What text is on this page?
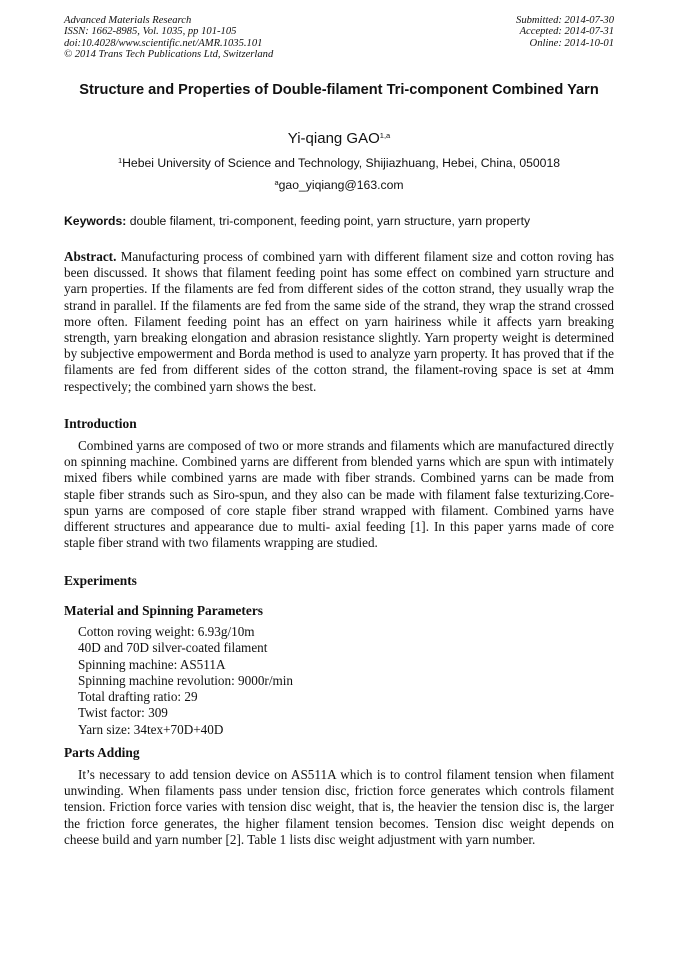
Advanced Materials Research
ISSN: 1662-8985, Vol. 1035, pp 101-105
doi:10.4028/www.scientific.net/AMR.1035.101
© 2014 Trans Tech Publications Ltd, Switzerland
Submitted: 2014-07-30
Accepted: 2014-07-31
Online: 2014-10-01
Structure and Properties of Double-filament Tri-component Combined Yarn
Yi-qiang GAO$^{1,a}$
$^1$Hebei University of Science and Technology, Shijiazhuang, Hebei, China, 050018
$^a$gao_yiqiang@163.com
Keywords: double filament, tri-component, feeding point, yarn structure, yarn property

Abstract. Manufacturing process of combined yarn with different filament size and cotton roving has been discussed. It shows that filament feeding point has some effect on combined yarn structure and yarn properties. If the filaments are fed from different sides of the cotton strand, they usually wrap the strand in parallel. If the filaments are fed from the same side of the strand, they wrap the strand crossed more often. Filament feeding point has an effect on yarn hairiness while it affects yarn breaking strength, yarn breaking elongation and abrasion resistance slightly. Yarn property weight is determined by subjective empowerment and Borda method is used to analyze yarn property. It has proved that if the filaments are fed from different sides of the cotton strand, the filament-roving space is set at 4mm respectively; the combined yarn shows the best.

Introduction

Combined yarns are composed of two or more strands and filaments which are manufactured directly on spinning machine. Combined yarns are different from blended yarns which are spun with intimately mixed fibers while combined yarns are made with fiber strands. Combined yarns can be made from staple fiber strands such as Siro-spun, and they also can be made with filament false texturizing.Core-spun yarns are composed of core staple fiber strand wrapped with filament. Combined yarns have different structures and appearance due to multi- axial feeding [1]. In this paper yarns made of core staple fiber strand with two filaments wrapping are studied.

Experiments
Material and Spinning Parameters
Cotton roving weight: 6.93g/10m
40D and 70D silver-coated filament
Spinning machine: AS511A
Spinning machine revolution: 9000r/min
Total drafting ratio: 29
Twist factor: 309
Yarn size: 34tex+70D+40D
Parts Adding

It’s necessary to add tension device on AS511A which is to control filament tension when filament unwinding. When filaments pass under tension disc, friction force generates which controls filament tension. Friction force varies with tension disc weight, that is, the heavier the tension disc is, the larger the friction force generates, the higher filament tension becomes. Tension disc weight depends on cheese build and yarn number [2]. Table 1 lists disc weight adjustment with yarn number.
